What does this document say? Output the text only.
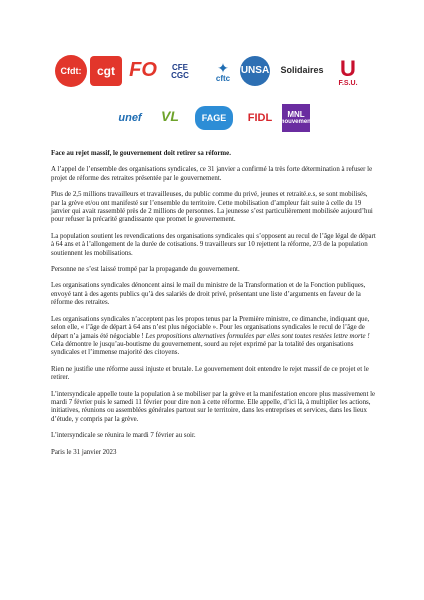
Cfdt: cgt FO CFE
CGC ✦
cftc
UNSA Solidaires U
F.S.U.
unef VL	FAGE FIDL MNL
mouvement

Face au rejet massif, le gouvernement doit retirer sa réforme.

A l’appel de l’ensemble des organisations syndicales, ce 31 janvier a confirmé la très forte détermination à refuser le projet de réforme des retraites présentée par le gouvernement.

Plus de 2,5 millions travailleurs et travailleuses, du public comme du privé, jeunes et retraité.e.s, se sont mobilisés, par la grève et/ou ont manifesté sur l’ensemble du territoire. Cette mobilisation d’ampleur fait suite à celle du 19 janvier qui avait rassemblé près de 2 millions de personnes. La jeunesse s’est particulièrement mobilisée aujourd’hui pour refuser la précarité grandissante que promet le gouvernement.

La population soutient les revendications des organisations syndicales qui s’opposent au recul de l’âge légal de départ à 64 ans et à l’allongement de la durée de cotisations. 9 travailleurs sur 10 rejettent la réforme, 2/3 de la population soutiennent les mobilisations.

Personne ne s’est laissé trompé par la propagande du gouvernement.

Les organisations syndicales dénoncent ainsi le mail du ministre de la Transformation et de la Fonction publiques, envoyé tant à des agents publics qu’à des salariés de droit privé, présentant une liste d’arguments en faveur de la réforme des retraites.

Les organisations syndicales n’acceptent pas les propos tenus par la Première ministre, ce dimanche, indiquant que, selon elle, « l’âge de départ à 64 ans n’est plus négociable ». Pour les organisations syndicales le recul de l’âge de départ n’a jamais été négociable ! Les propositions alternatives formulées par elles sont toutes restées lettre morte ! Cela démontre le jusqu’au-boutisme du gouvernement, sourd au rejet exprimé par la totalité des organisations syndicales et l’immense majorité des citoyens.

Rien ne justifie une réforme aussi injuste et brutale. Le gouvernement doit entendre le rejet massif de ce projet et le retirer.

L’intersyndicale appelle toute la population à se mobiliser par la grève et la manifestation encore plus massivement le mardi 7 février puis le samedi 11 février pour dire non à cette réforme. Elle appelle, d’ici là, à multiplier les actions, initiatives, réunions ou assemblées générales partout sur le territoire, dans les entreprises et services, dans les lieux d’étude, y compris par la grève.

L’intersyndicale se réunira le mardi 7 février au soir.

Paris le 31 janvier 2023
